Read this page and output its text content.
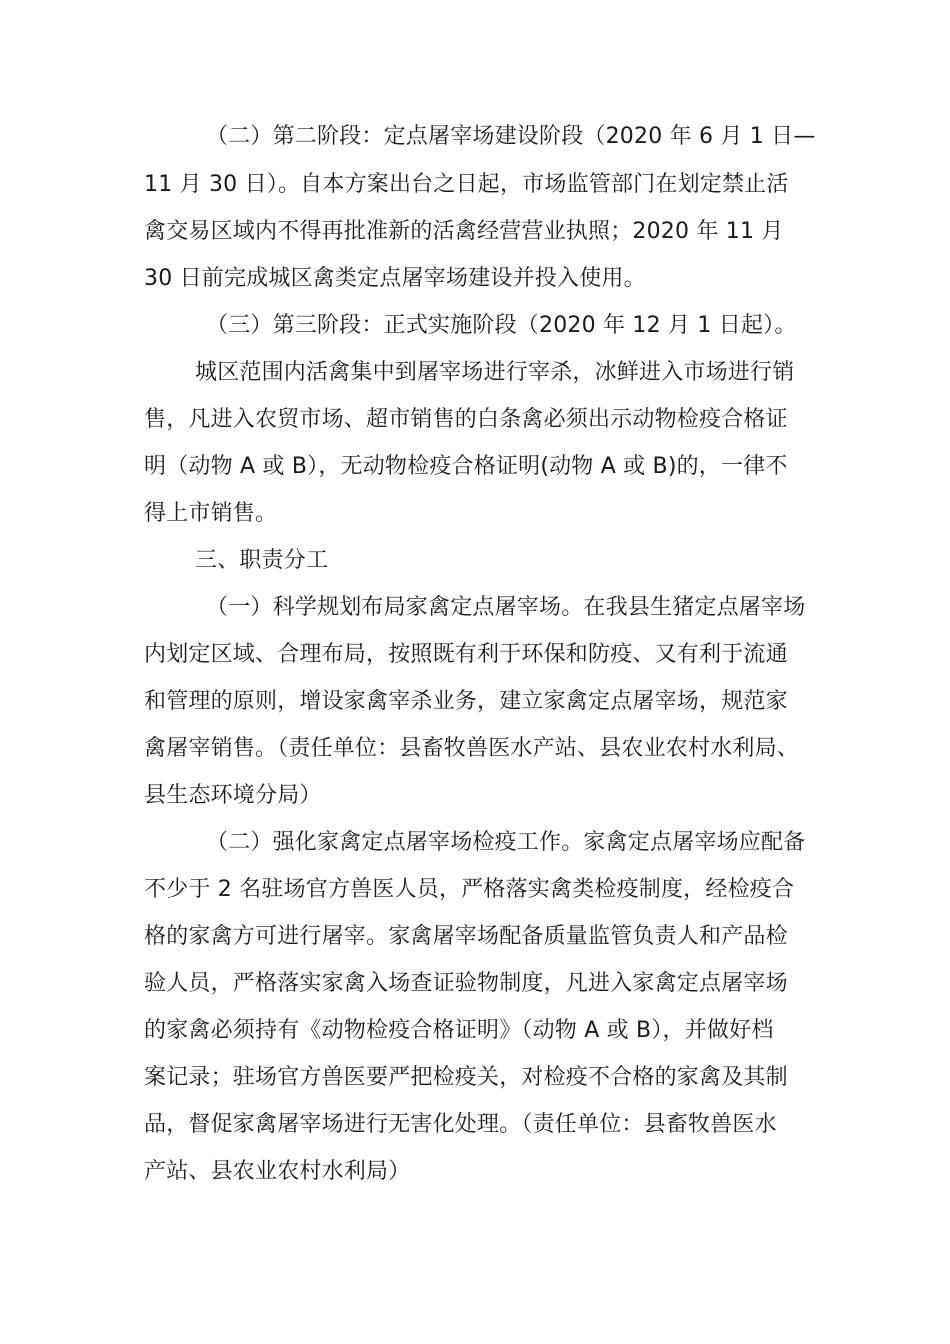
（二）第二阶段：定点屠宰场建设阶段（2020 年 6 月 1 日—
11 月 30 日）。自本方案出台之日起，市场监管部门在划定禁止活
禽交易区域内不得再批准新的活禽经营营业执照；2020 年 11 月
30 日前完成城区禽类定点屠宰场建设并投入使用。
（三）第三阶段：正式实施阶段（2020 年 12 月 1 日起）。
城区范围内活禽集中到屠宰场进行宰杀，冰鲜进入市场进行销
售，凡进入农贸市场、超市销售的白条禽必须出示动物检疫合格证
明（动物 A 或 B），无动物检疫合格证明(动物 A 或 B)的，一律不
得上市销售。
三、职责分工
（一）科学规划布局家禽定点屠宰场。在我县生猪定点屠宰场
内划定区域、合理布局，按照既有利于环保和防疫、又有利于流通
和管理的原则，增设家禽宰杀业务，建立家禽定点屠宰场，规范家
禽屠宰销售。（责任单位：县畜牧兽医水产站、县农业农村水利局、
县生态环境分局）
（二）强化家禽定点屠宰场检疫工作。家禽定点屠宰场应配备
不少于 2 名驻场官方兽医人员，严格落实禽类检疫制度，经检疫合
格的家禽方可进行屠宰。家禽屠宰场配备质量监管负责人和产品检
验人员，严格落实家禽入场查证验物制度，凡进入家禽定点屠宰场
的家禽必须持有《动物检疫合格证明》（动物 A 或 B），并做好档
案记录；驻场官方兽医要严把检疫关，对检疫不合格的家禽及其制
品，督促家禽屠宰场进行无害化处理。（责任单位：县畜牧兽医水
产站、县农业农村水利局）
